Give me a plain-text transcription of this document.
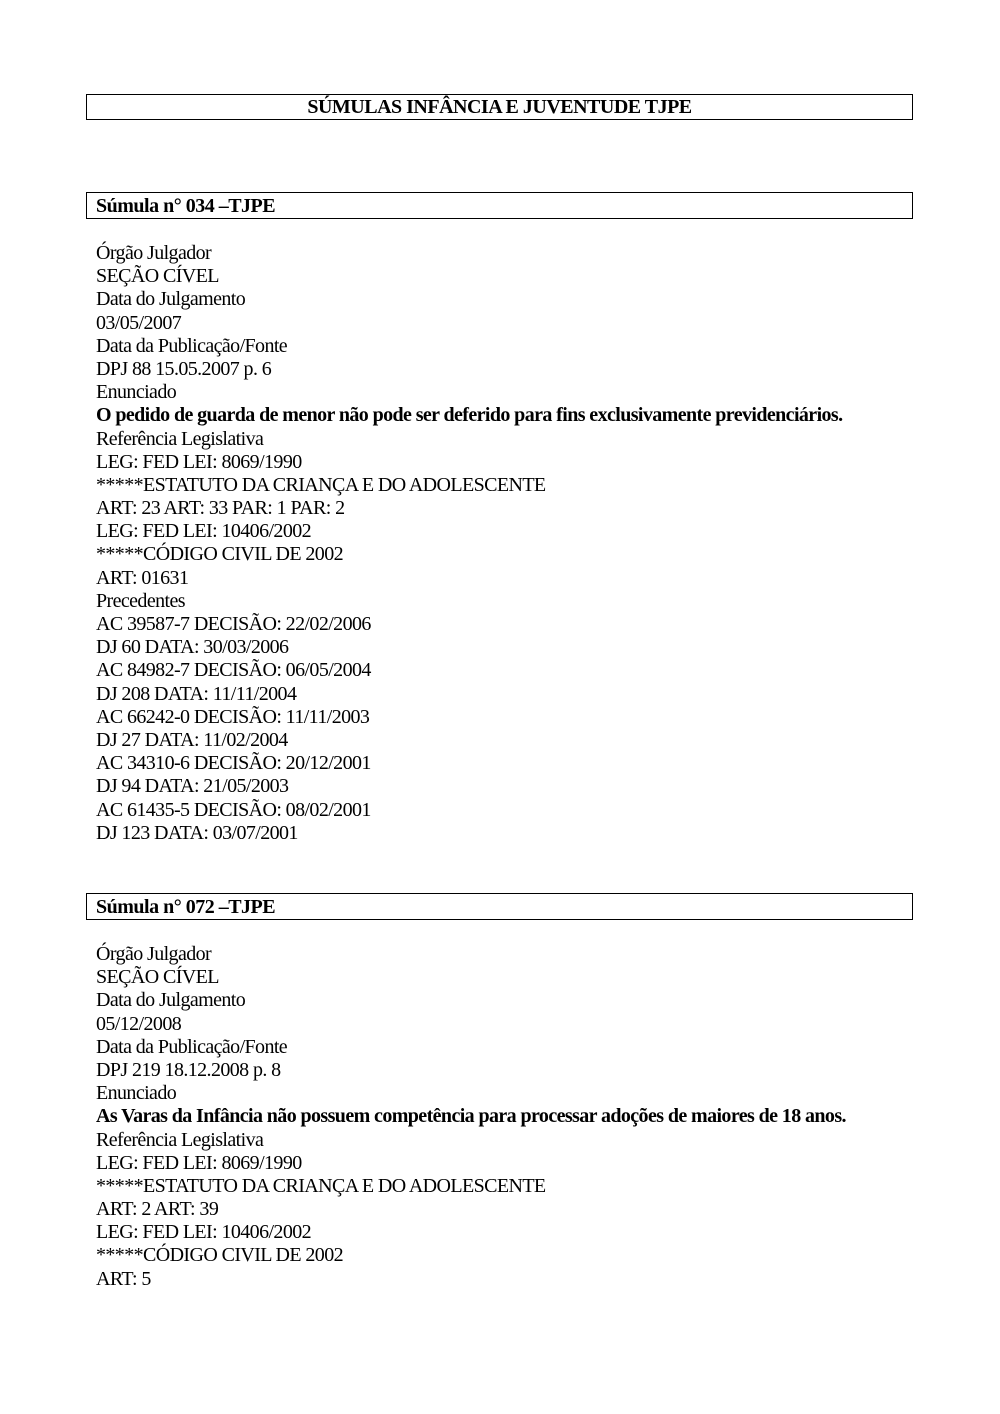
SÚMULAS INFÂNCIA E JUVENTUDE TJPE
Súmula n° 034 –TJPE
Órgão Julgador
SEÇÃO CÍVEL
Data do Julgamento
03/05/2007
Data da Publicação/Fonte
DPJ 88 15.05.2007 p. 6
Enunciado
O pedido de guarda de menor não pode ser deferido para fins exclusivamente previdenciários.
Referência Legislativa
LEG: FED LEI: 8069/1990
*****ESTATUTO DA CRIANÇA E DO ADOLESCENTE
ART: 23 ART: 33 PAR: 1 PAR: 2
LEG: FED LEI: 10406/2002
*****CÓDIGO CIVIL DE 2002
ART: 01631
Precedentes
AC 39587-7 DECISÃO: 22/02/2006
DJ 60 DATA: 30/03/2006
AC 84982-7 DECISÃO: 06/05/2004
DJ 208 DATA: 11/11/2004
AC 66242-0 DECISÃO: 11/11/2003
DJ 27 DATA: 11/02/2004
AC 34310-6 DECISÃO: 20/12/2001
DJ 94 DATA: 21/05/2003
AC 61435-5 DECISÃO: 08/02/2001
DJ 123 DATA: 03/07/2001
Súmula n° 072 –TJPE
Órgão Julgador
SEÇÃO CÍVEL
Data do Julgamento
05/12/2008
Data da Publicação/Fonte
DPJ 219 18.12.2008 p. 8
Enunciado
As Varas da Infância não possuem competência para processar adoções de maiores de 18 anos.
Referência Legislativa
LEG: FED LEI: 8069/1990
*****ESTATUTO DA CRIANÇA E DO ADOLESCENTE
ART: 2 ART: 39
LEG: FED LEI: 10406/2002
*****CÓDIGO CIVIL DE 2002
ART: 5
